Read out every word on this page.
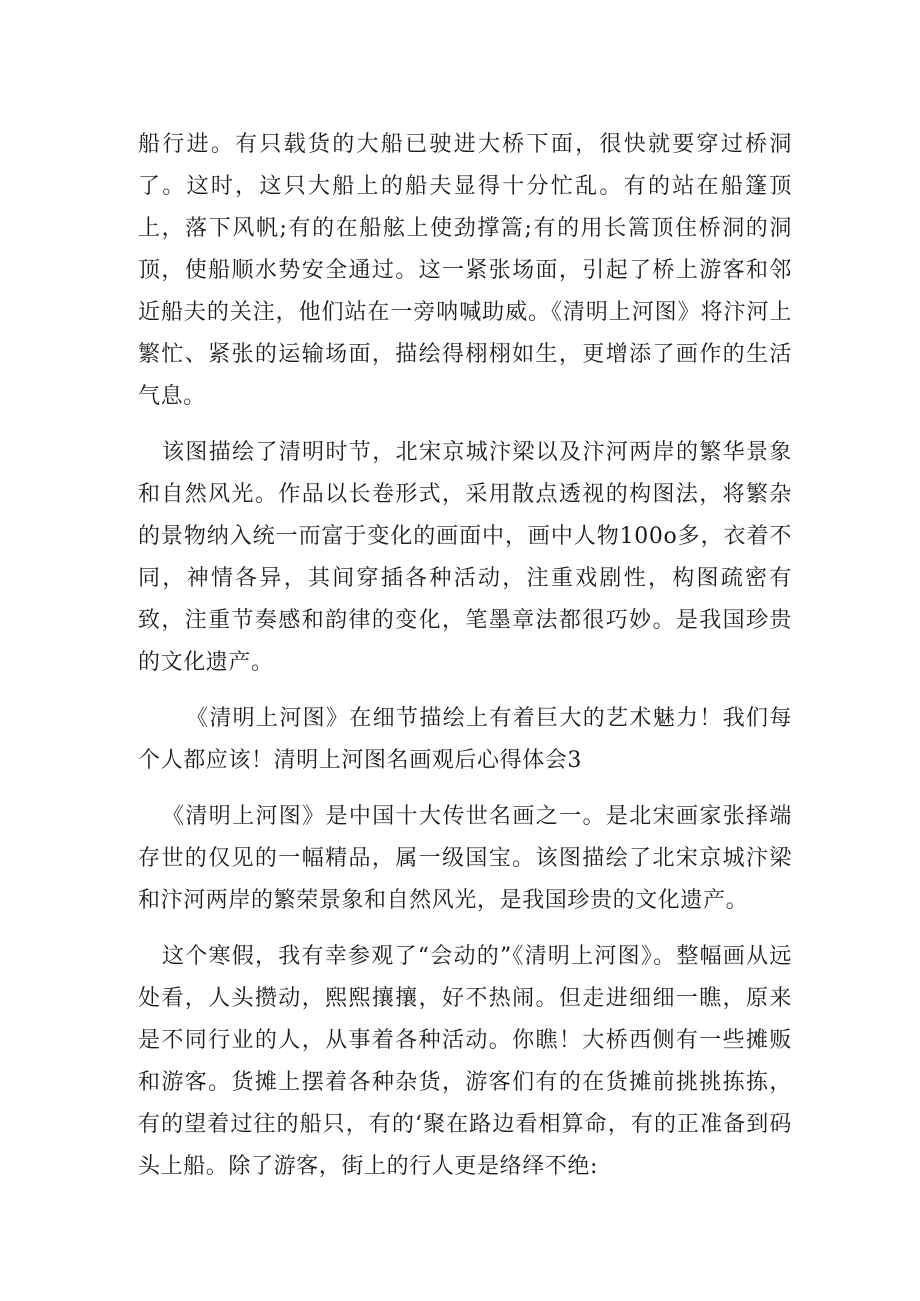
船行进。有只载货的大船已驶进大桥下面，很快就要穿过桥洞了。这时，这只大船上的船夫显得十分忙乱。有的站在船篷顶上，落下风帆;有的在船舷上使劲撑篙;有的用长篙顶住桥洞的洞顶，使船顺水势安全通过。这一紧张场面，引起了桥上游客和邻近船夫的关注，他们站在一旁呐喊助威。《清明上河图》将汴河上繁忙、紧张的运输场面，描绘得栩栩如生，更增添了画作的生活气息。

该图描绘了清明时节，北宋京城汴梁以及汴河两岸的繁华景象和自然风光。作品以长卷形式，采用散点透视的构图法，将繁杂的景物纳入统一而富于变化的画面中，画中人物100o多，衣着不同，神情各异，其间穿插各种活动，注重戏剧性，构图疏密有致，注重节奏感和韵律的变化，笔墨章法都很巧妙。是我国珍贵的文化遗产。

《清明上河图》在细节描绘上有着巨大的艺术魅力！我们每个人都应该！清明上河图名画观后心得体会3

《清明上河图》是中国十大传世名画之一。是北宋画家张择端存世的仅见的一幅精品，属一级国宝。该图描绘了北宋京城汴梁和汴河两岸的繁荣景象和自然风光，是我国珍贵的文化遗产。

这个寒假，我有幸参观了“会动的”《清明上河图》。整幅画从远处看，人头攒动，熙熙攘攘，好不热闹。但走进细细一瞧，原来是不同行业的人，从事着各种活动。你瞧！大桥西侧有一些摊贩和游客。货摊上摆着各种杂货，游客们有的在货摊前挑挑拣拣，有的望着过往的船只，有的‘聚在路边看相算命，有的正准备到码头上船。除了游客，街上的行人更是络绎不绝:
